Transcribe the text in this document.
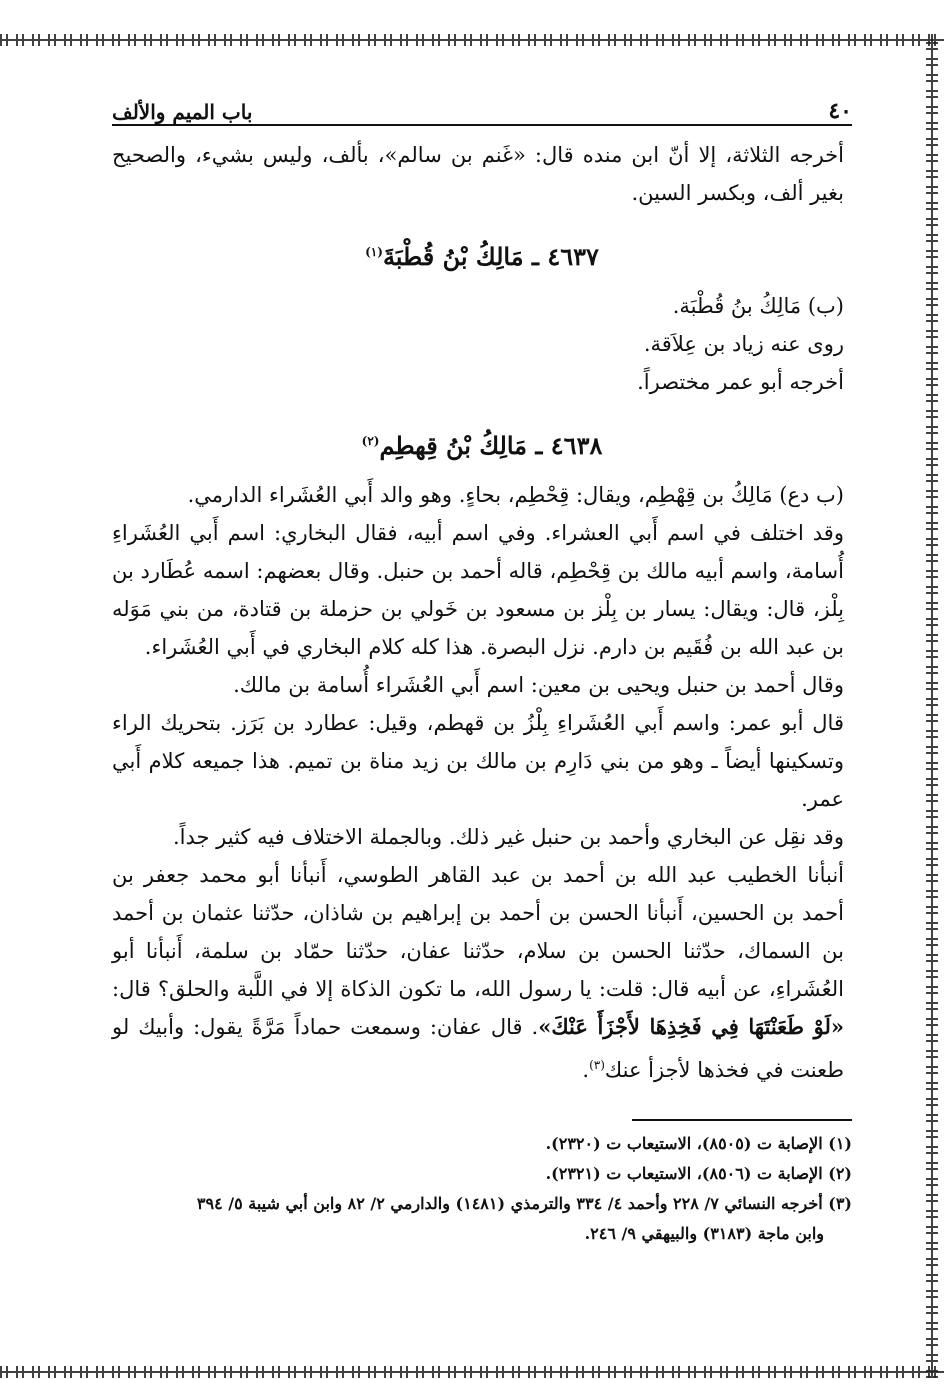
٤٠
باب الميم والألف

أخرجه الثلاثة، إلا أنّ ابن منده قال: «غَنم بن سالم»، بألف، وليس بشيء، والصحيح بغير ألف، وبكسر السين.

٤٦٣٧ ـ مَالِكُ بْنُ قُطْبَةَ$^{(١)}$

(ب) مَالِكُ بنُ قُطْبَة.

روى عنه زياد بن عِلاَقة.

أخرجه أبو عمر مختصراً.

٤٦٣٨ ـ مَالِكُ بْنُ قِهطِم$^{(٢)}$

(ب دع) مَالِكُ بن قِهْطِم، ويقال: قِحْطِم، بحاءٍ. وهو والد أَبي العُشَراء الدارمي.

وقد اختلف في اسم أَبي العشراء. وفي اسم أبيه، فقال البخاري: اسم أَبي العُشَراءِ أُسامة، واسم أبيه مالك بن قِحْطِم، قاله أحمد بن حنبل. وقال بعضهم: اسمه عُطَارد بن بِلْز، قال: ويقال: يسار بن بِلْز بن مسعود بن خَولي بن حزملة بن قتادة، من بني مَوَله بن عبد الله بن فُقَيم بن دارم. نزل البصرة. هذا كله كلام البخاري في أَبي العُشَراء.

وقال أحمد بن حنبل ويحيى بن معين: اسم أَبي العُشَراء أُسامة بن مالك.

قال أبو عمر: واسم أَبي العُشَراءِ بِلْزُ بن قهطم، وقيل: عطارد بن بَرَز. بتحريك الراء وتسكينها أيضاً ـ وهو من بني دَارِم بن مالك بن زيد مناة بن تميم. هذا جميعه كلام أَبي عمر.

وقد نقِل عن البخاري وأحمد بن حنبل غير ذلك. وبالجملة الاختلاف فيه كثير جداً.

أنبأنا الخطيب عبد الله بن أحمد بن عبد القاهر الطوسي، أَنبأنا أبو محمد جعفر بن أحمد بن الحسين، أَنبأنا الحسن بن أحمد بن إبراهيم بن شاذان، حدّثنا عثمان بن أحمد بن السماك، حدّثنا الحسن بن سلام، حدّثنا عفان، حدّثنا حمّاد بن سلمة، أَنبأنا أبو العُشَراءِ، عن أبيه قال: قلت: يا رسول الله، ما تكون الذكاة إلا في اللَّبة والحلق؟ قال: «لَوْ طَعَنْتَهَا فِي فَخِذِهَا لأَجْزَأَ عَنْكَ». قال عفان: وسمعت حماداً مَرَّةً يقول: وأبيك لو طعنت في فخذها لأجزأ عنك$^{(٣)}$.

(١) الإصابة ت (٨٥٠٥)، الاستيعاب ت (٢٣٢٠).

(٢) الإصابة ت (٨٥٠٦)، الاستيعاب ت (٢٣٢١).

(٣) أخرجه النسائي ٧/ ٢٢٨ وأحمد ٤/ ٣٣٤ والترمذي (١٤٨١) والدارمي ٢/ ٨٢ وابن أبي شيبة ٥/ ٣٩٤

وابن ماجة (٣١٨٣) والبيهقي ٩/ ٢٤٦.
